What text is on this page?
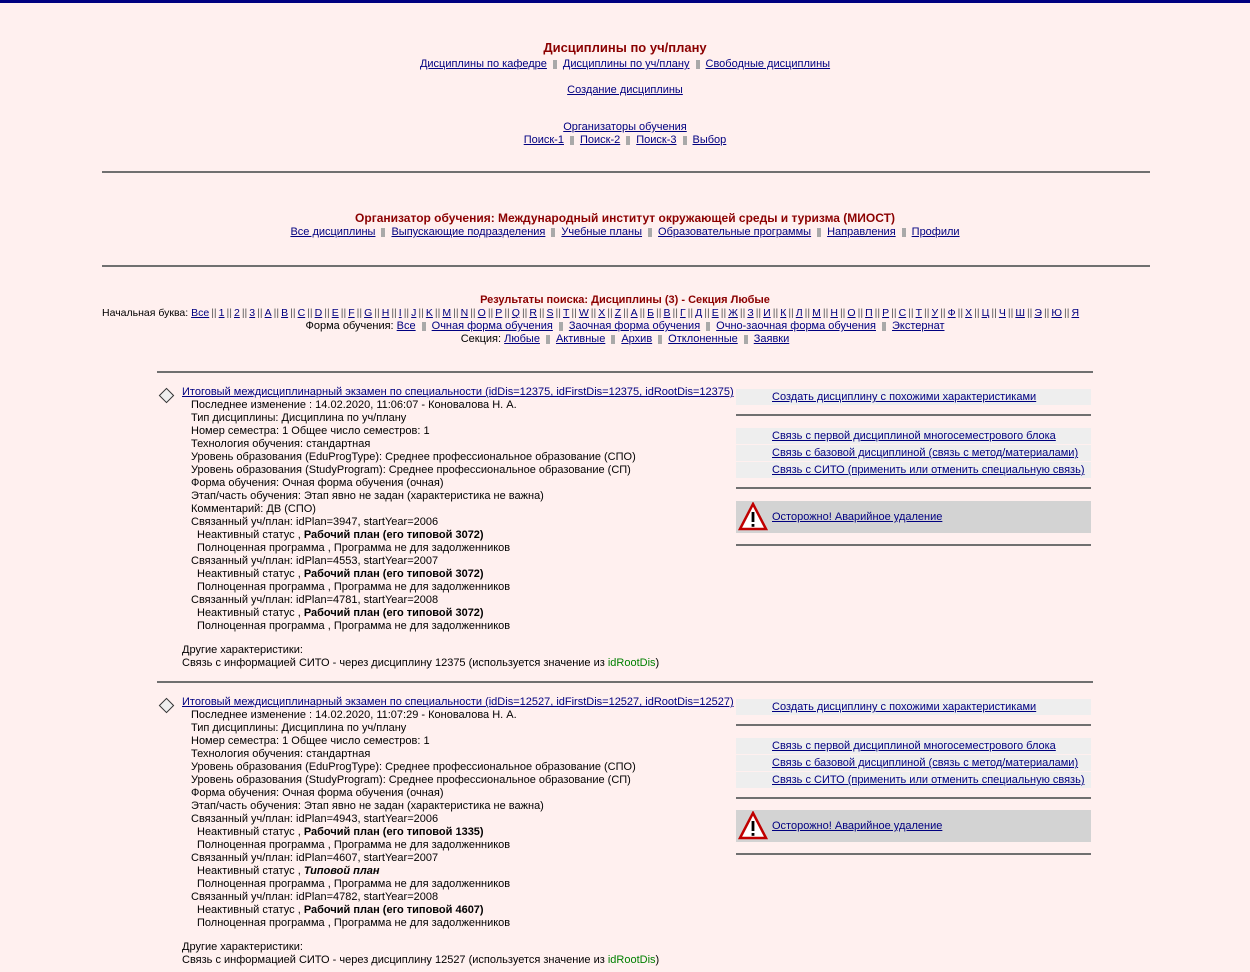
Дисциплины по уч/плану
Дисциплины по кафедре Дисциплины по уч/плану Свободные дисциплины
Создание дисциплины
Организаторы обучения
Поиск-1 Поиск-2 Поиск-3 Выбор
Организатор обучения: Международный институт окружающей среды и туризма (МИОСТ)
Все дисциплины Выпускающие подразделения Учебные планы Образовательные программы Направления Профили
Результаты поиска: Дисциплины (3) - Секция Любые
Начальная буква: Все || 1 || 2 || 3 || А || В || С || D || E || F || G || H || I || J || K || M || N || O || P || Q || R || S || T || W || X || Z || А || Б || В || Г || Д || Е || Ж || З || И || К || Л || М || Н || О || П || Р || С || Т || У || Ф || Х || Ц || Ч || Ш || Э || Ю || Я
Форма обучения: Все Очная форма обучения Заочная форма обучения Очно-заочная форма обучения Экстернат
Секция: Любые Активные Архив Отклоненные Заявки
Итоговый междисциплинарный экзамен по специальности (idDis=12375, idFirstDis=12375, idRootDis=12375)
Последнее изменение : 14.02.2020, 11:06:07 - Коновалова Н. А.
Тип дисциплины: Дисциплина по уч/плану
Номер семестра: 1 Общее число семестров: 1
Технология обучения: стандартная
Уровень образования (EduProgType): Среднее профессиональное образование (СПО)
Уровень образования (StudyProgram): Среднее профессиональное образование (СП)
Форма обучения: Очная форма обучения (очная)
Этап/часть обучения: Этап явно не задан (характеристика не важна)
Комментарий: ДВ (СПО)
Связанный уч/план: idPlan=3947, startYear=2006
Неактивный статус , Рабочий план (его типовой 3072)
Полноценная программа , Программа не для задолженников
Связанный уч/план: idPlan=4553, startYear=2007
Неактивный статус , Рабочий план (его типовой 3072)
Полноценная программа , Программа не для задолженников
Связанный уч/план: idPlan=4781, startYear=2008
Неактивный статус , Рабочий план (его типовой 3072)
Полноценная программа , Программа не для задолженников
Другие характеристики:
Связь с информацией СИТО - через дисциплину 12375 (используется значение из idRootDis)
Создать дисциплину с похожими характеристиками
Связь с первой дисциплиной многосеместрового блока
Связь с базовой дисциплиной (связь с метод/материалами)
Связь с СИТО (применить или отменить специальную связь)
Осторожно! Аварийное удаление
Итоговый междисциплинарный экзамен по специальности (idDis=12527, idFirstDis=12527, idRootDis=12527)
Последнее изменение : 14.02.2020, 11:07:29 - Коновалова Н. А.
Тип дисциплины: Дисциплина по уч/плану
Номер семестра: 1 Общее число семестров: 1
Технология обучения: стандартная
Уровень образования (EduProgType): Среднее профессиональное образование (СПО)
Уровень образования (StudyProgram): Среднее профессиональное образование (СП)
Форма обучения: Очная форма обучения (очная)
Этап/часть обучения: Этап явно не задан (характеристика не важна)
Связанный уч/план: idPlan=4943, startYear=2006
Неактивный статус , Рабочий план (его типовой 1335)
Полноценная программа , Программа не для задолженников
Связанный уч/план: idPlan=4607, startYear=2007
Неактивный статус , Типовой план
Полноценная программа , Программа не для задолженников
Связанный уч/план: idPlan=4782, startYear=2008
Неактивный статус , Рабочий план (его типовой 4607)
Полноценная программа , Программа не для задолженников
Другие характеристики:
Связь с информацией СИТО - через дисциплину 12527 (используется значение из idRootDis)
Создать дисциплину с похожими характеристиками
Связь с первой дисциплиной многосеместрового блока
Связь с базовой дисциплиной (связь с метод/материалами)
Связь с СИТО (применить или отменить специальную связь)
Осторожно! Аварийное удаление
